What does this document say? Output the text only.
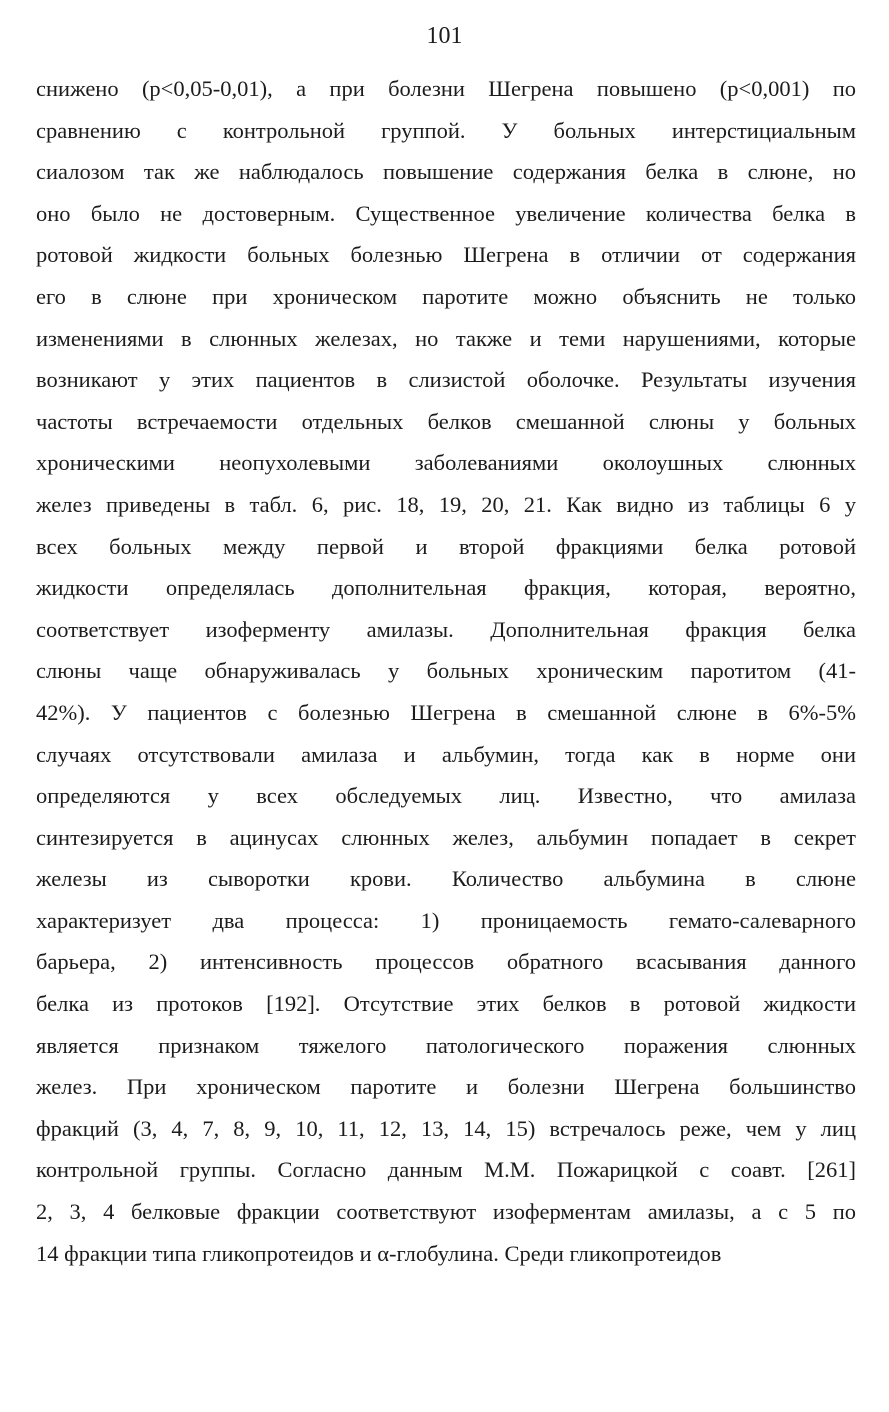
101
снижено (р<0,05-0,01), а при болезни Шегрена повышено (р<0,001) по
сравнению с контрольной группой. У больных интерстициальным
сиалозом так же наблюдалось повышение содержания белка в слюне, но
оно было не достоверным. Существенное увеличение количества белка в
ротовой жидкости больных болезнью Шегрена в отличии от содержания
его в слюне при хроническом паротите можно объяснить не только
изменениями в слюнных железах, но также и теми нарушениями, которые
возникают у этих пациентов в слизистой оболочке. Результаты изучения
частоты встречаемости отдельных белков смешанной слюны у больных
хроническими неопухолевыми заболеваниями околоушных слюнных
желез приведены в табл. 6, рис. 18, 19, 20, 21. Как видно из таблицы 6 у
всех больных между первой и второй фракциями белка ротовой
жидкости определялась дополнительная фракция, которая, вероятно,
соответствует изоферменту амилазы. Дополнительная фракция белка
слюны чаще обнаруживалась у больных хроническим паротитом (41-
42%). У пациентов с болезнью Шегрена в смешанной слюне в 6%-5%
случаях отсутствовали амилаза и альбумин, тогда как в норме они
определяются у всех обследуемых лиц. Известно, что амилаза
синтезируется в ацинусах слюнных желез, альбумин попадает в секрет
железы из сыворотки крови. Количество альбумина в слюне
характеризует два процесса: 1) проницаемость гемато-салеварного
барьера, 2) интенсивность процессов обратного всасывания данного
белка из протоков [192]. Отсутствие этих белков в ротовой жидкости
является признаком тяжелого патологического поражения слюнных
желез. При хроническом паротите и болезни Шегрена большинство
фракций (3, 4, 7, 8, 9, 10, 11, 12, 13, 14, 15) встречалось реже, чем у лиц
контрольной группы. Согласно данным М.М. Пожарицкой с соавт. [261]
2, 3, 4 белковые фракции соответствуют изоферментам амилазы, а с 5 по
14 фракции типа гликопротеидов и α-глобулина. Среди гликопротеидов
